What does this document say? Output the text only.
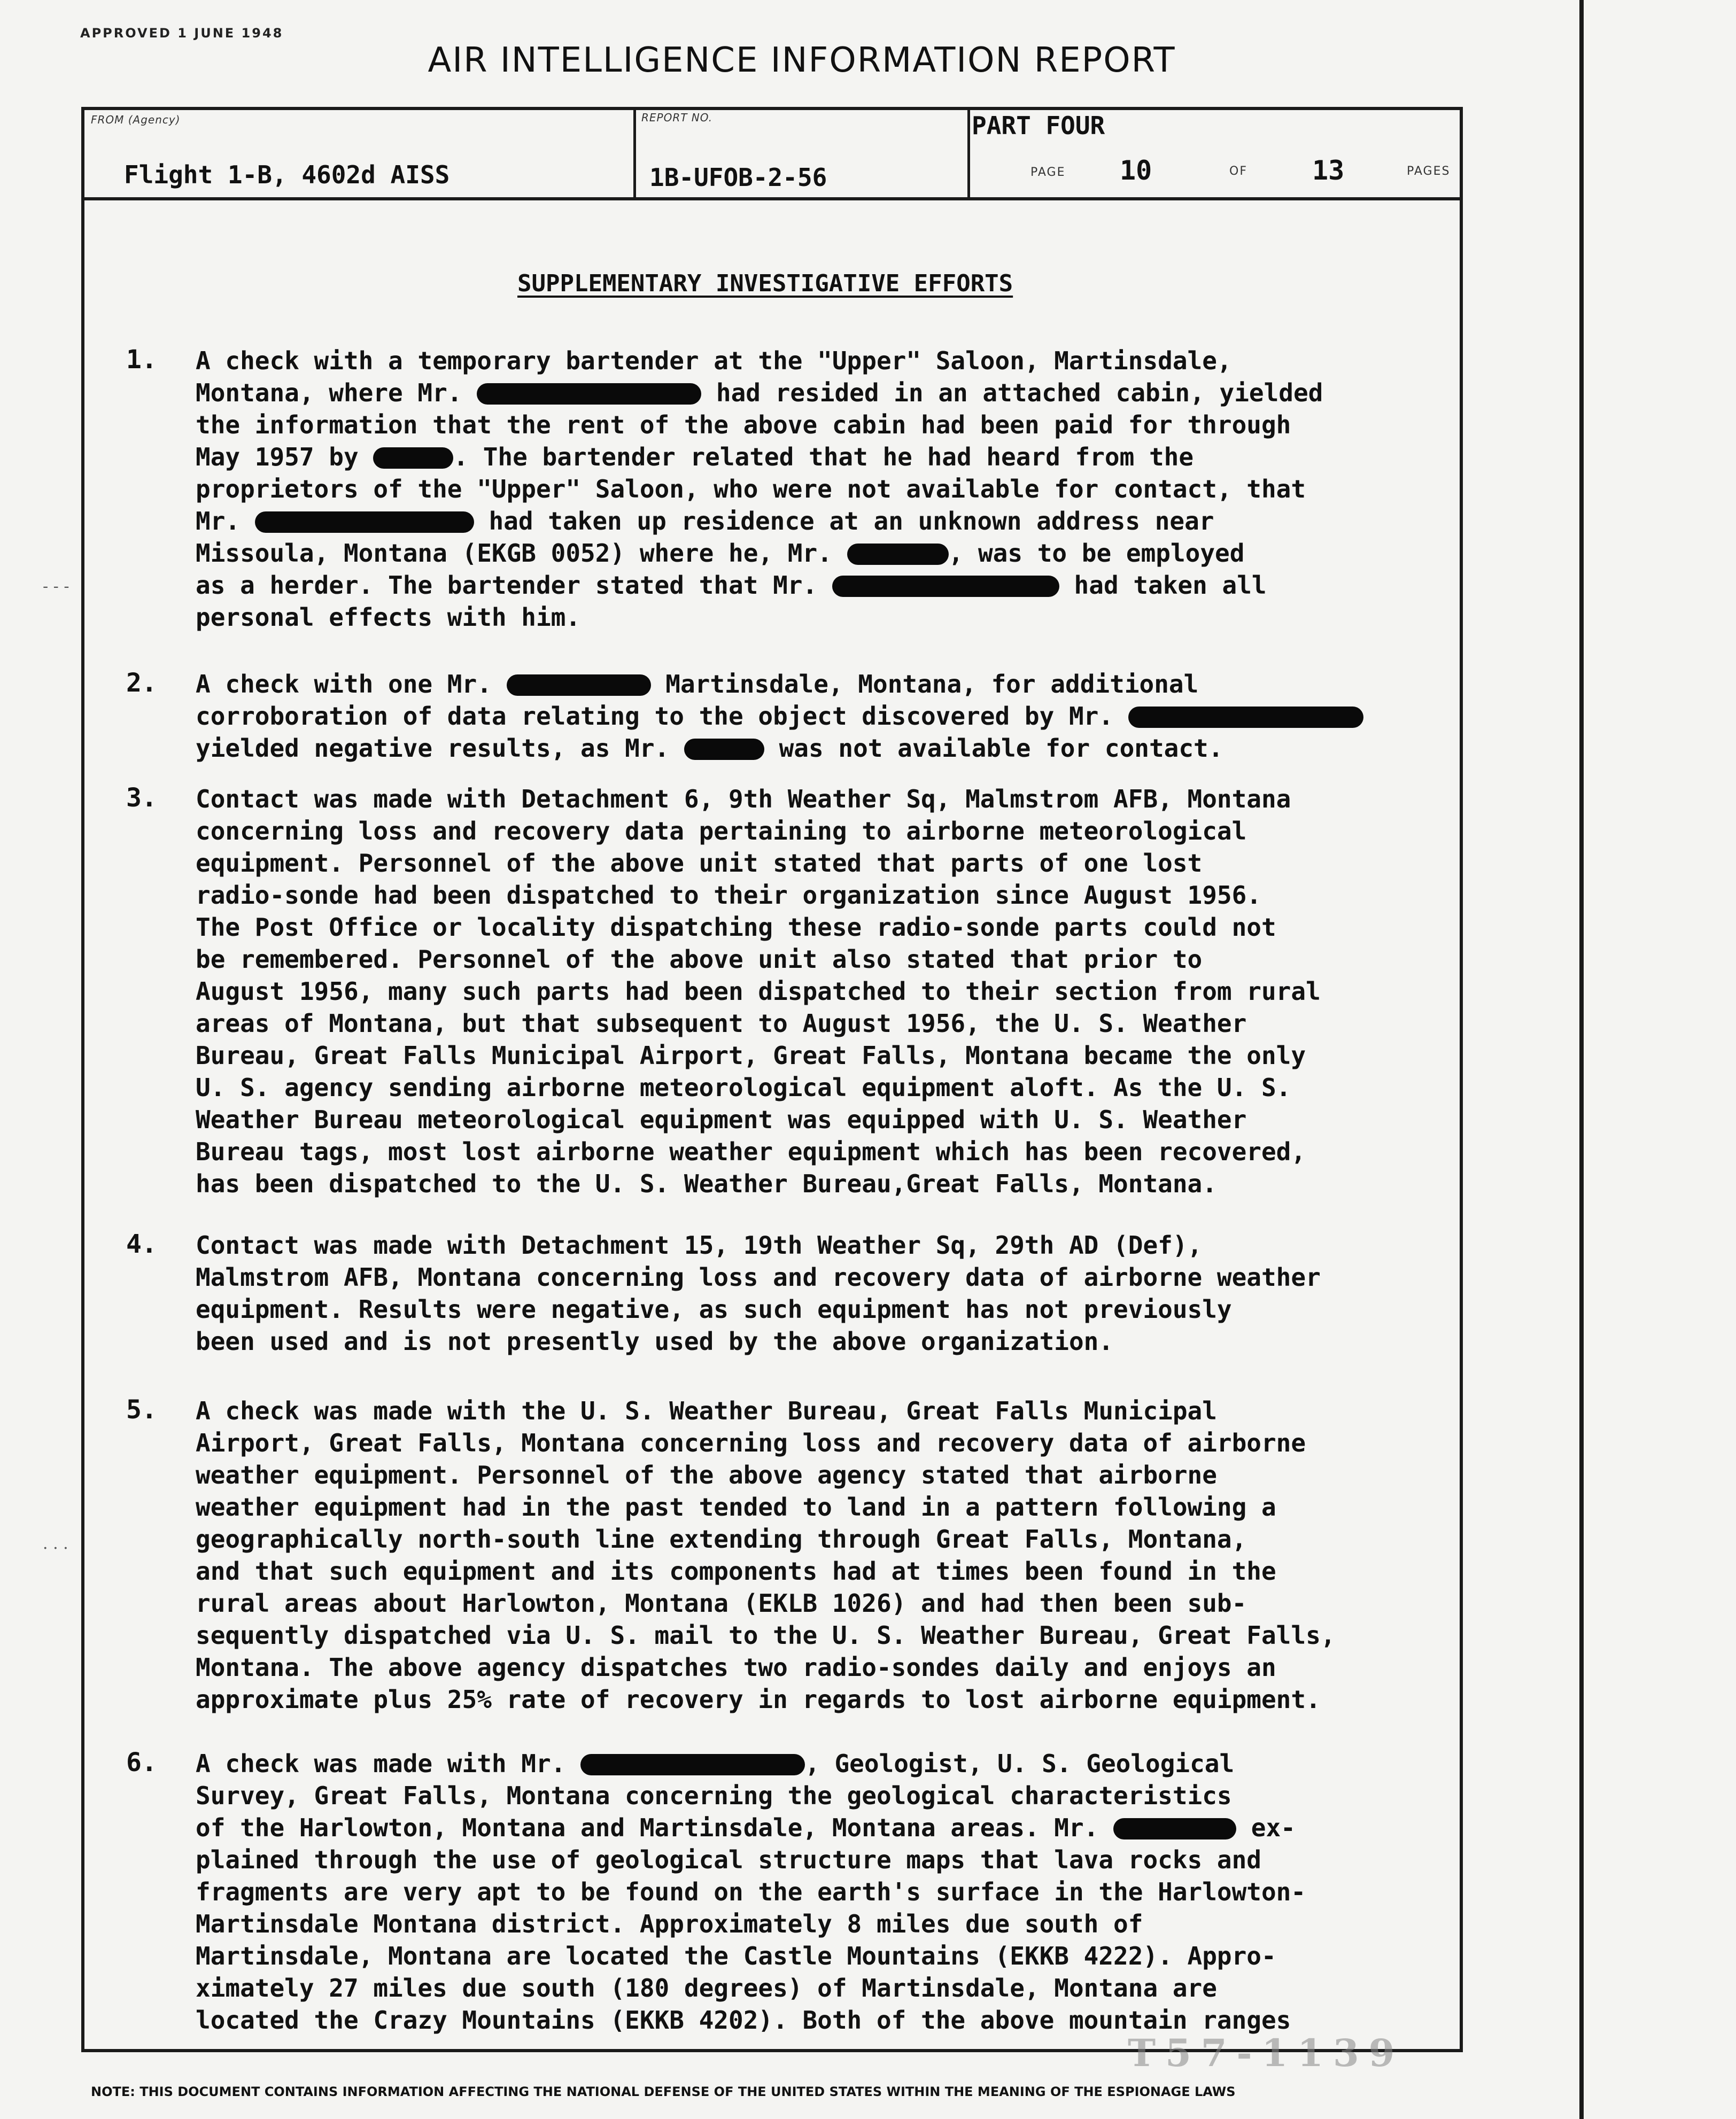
APPROVED 1 JUNE 1948
AIR INTELLIGENCE INFORMATION REPORT
FROM (Agency)
Flight 1-B, 4602d AISS
REPORT NO.
1B-UFOB-2-56
PART FOUR
PAGE 10	OF 13	PAGES
SUPPLEMENTARY INVESTIGATIVE EFFORTS
1. A check with a temporary bartender at the "Upper" Saloon, Martinsdale,
Montana, where Mr.	had resided in an attached cabin, yielded
the information that the rent of the above cabin had been paid for through
May 1957 by	. The bartender related that he had heard from the
proprietors of the "Upper" Saloon, who were not available for contact, that
Mr.	had taken up residence at an unknown address near
Missoula, Montana (EKGB 0052) where he, Mr.	, was to be employed
as a herder. The bartender stated that Mr.	had taken all
personal effects with him.
2. A check with one Mr.	Martinsdale, Montana, for additional
corroboration of data relating to the object discovered by Mr.
yielded negative results, as Mr.	was not available for contact.
3. Contact was made with Detachment 6, 9th Weather Sq, Malmstrom AFB, Montana
concerning loss and recovery data pertaining to airborne meteorological
equipment. Personnel of the above unit stated that parts of one lost
radio-sonde had been dispatched to their organization since August 1956.
The Post Office or locality dispatching these radio-sonde parts could not
be remembered. Personnel of the above unit also stated that prior to
August 1956, many such parts had been dispatched to their section from rural
areas of Montana, but that subsequent to August 1956, the U. S. Weather
Bureau, Great Falls Municipal Airport, Great Falls, Montana became the only
U. S. agency sending airborne meteorological equipment aloft. As the U. S.
Weather Bureau meteorological equipment was equipped with U. S. Weather
Bureau tags, most lost airborne weather equipment which has been recovered,
has been dispatched to the U. S. Weather Bureau,Great Falls, Montana.
4. Contact was made with Detachment 15, 19th Weather Sq, 29th AD (Def),
Malmstrom AFB, Montana concerning loss and recovery data of airborne weather
equipment. Results were negative, as such equipment has not previously
been used and is not presently used by the above organization.
5. A check was made with the U. S. Weather Bureau, Great Falls Municipal
Airport, Great Falls, Montana concerning loss and recovery data of airborne
weather equipment. Personnel of the above agency stated that airborne
weather equipment had in the past tended to land in a pattern following a
geographically north-south line extending through Great Falls, Montana,
and that such equipment and its components had at times been found in the
rural areas about Harlowton, Montana (EKLB 1026) and had then been sub-
sequently dispatched via U. S. mail to the U. S. Weather Bureau, Great Falls,
Montana. The above agency dispatches two radio-sondes daily and enjoys an
approximate plus 25% rate of recovery in regards to lost airborne equipment.
6. A check was made with Mr.	, Geologist, U. S. Geological
Survey, Great Falls, Montana concerning the geological characteristics
of the Harlowton, Montana and Martinsdale, Montana areas. Mr.	ex-
plained through the use of geological structure maps that lava rocks and
fragments are very apt to be found on the earth's surface in the Harlowton-
Martinsdale Montana district. Approximately 8 miles due south of
Martinsdale, Montana are located the Castle Mountains (EKKB 4222). Appro-
ximately 27 miles due south (180 degrees) of Martinsdale, Montana are
located the Crazy Mountains (EKKB 4202). Both of the above mountain ranges
T57-1139
NOTE: THIS DOCUMENT CONTAINS INFORMATION AFFECTING THE NATIONAL DEFENSE OF THE UNITED STATES WITHIN THE MEANING OF THE ESPIONAGE LAWS
- - -
· · ·
